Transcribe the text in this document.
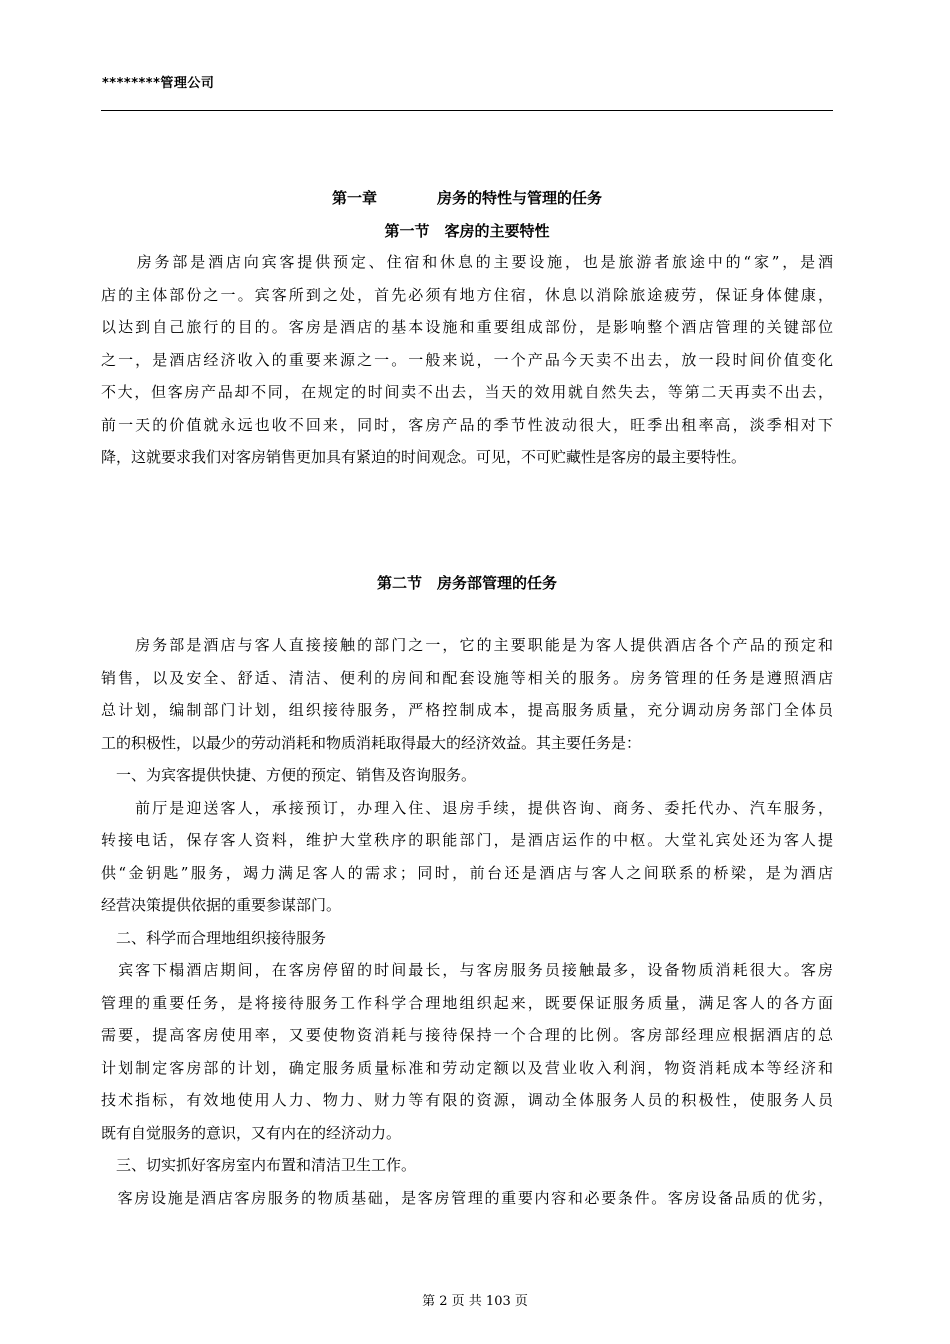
********管理公司
第一章　　　　房务的特性与管理的任务
第一节　客房的主要特性
　　房务部是酒店向宾客提供预定、住宿和休息的主要设施，也是旅游者旅途中的“家”，是酒
店的主体部份之一。宾客所到之处，首先必须有地方住宿，休息以消除旅途疲劳，保证身体健康，
以达到自己旅行的目的。客房是酒店的基本设施和重要组成部份，是影响整个酒店管理的关键部位
之一，是酒店经济收入的重要来源之一。一般来说，一个产品今天卖不出去，放一段时间价值变化
不大，但客房产品却不同，在规定的时间卖不出去，当天的效用就自然失去，等第二天再卖不出去，
前一天的价值就永远也收不回来，同时，客房产品的季节性波动很大，旺季出租率高，淡季相对下
降，这就要求我们对客房销售更加具有紧迫的时间观念。可见，不可贮藏性是客房的最主要特性。
第二节　房务部管理的任务
　　房务部是酒店与客人直接接触的部门之一，它的主要职能是为客人提供酒店各个产品的预定和
销售，以及安全、舒适、清洁、便利的房间和配套设施等相关的服务。房务管理的任务是遵照酒店
总计划，编制部门计划，组织接待服务，严格控制成本，提高服务质量，充分调动房务部门全体员
工的积极性，以最少的劳动消耗和物质消耗取得最大的经济效益。其主要任务是：
　一、为宾客提供快捷、方便的预定、销售及咨询服务。
　　前厅是迎送客人，承接预订，办理入住、退房手续，提供咨询、商务、委托代办、汽车服务，
转接电话，保存客人资料，维护大堂秩序的职能部门，是酒店运作的中枢。大堂礼宾处还为客人提
供“金钥匙”服务，竭力满足客人的需求；同时，前台还是酒店与客人之间联系的桥梁，是为酒店
经营决策提供依据的重要参谋部门。
　二、科学而合理地组织接待服务
　宾客下榻酒店期间，在客房停留的时间最长，与客房服务员接触最多，设备物质消耗很大。客房
管理的重要任务，是将接待服务工作科学合理地组织起来，既要保证服务质量，满足客人的各方面
需要，提高客房使用率，又要使物资消耗与接待保持一个合理的比例。客房部经理应根据酒店的总
计划制定客房部的计划，确定服务质量标准和劳动定额以及营业收入利润，物资消耗成本等经济和
技术指标，有效地使用人力、物力、财力等有限的资源，调动全体服务人员的积极性，使服务人员
既有自觉服务的意识，又有内在的经济动力。
　三、切实抓好客房室内布置和清洁卫生工作。
　客房设施是酒店客房服务的物质基础，是客房管理的重要内容和必要条件。客房设备品质的优劣，
第 2 页 共 103 页
